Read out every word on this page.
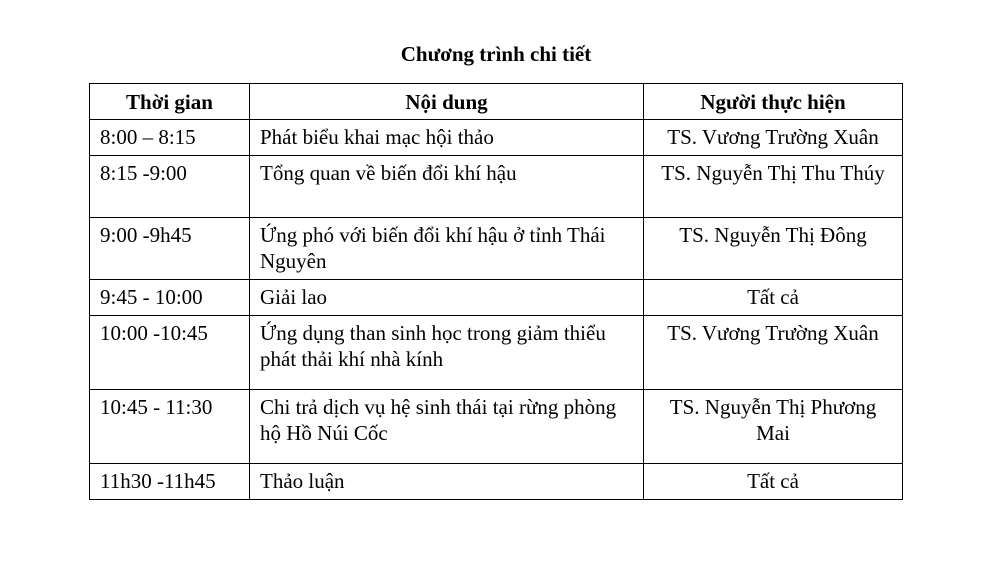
Chương trình chi tiết
Thời gian	Nội dung	Người thực hiện
8:00 – 8:15	Phát biểu khai mạc hội thảo	TS. Vương Trường Xuân
8:15 -9:00	Tổng quan về biến đổi khí hậu	TS. Nguyễn Thị Thu Thúy
9:00 -9h45	Ứng phó với biến đổi khí hậu ở tỉnh Thái Nguyên	TS. Nguyễn Thị Đông
9:45 - 10:00	Giải lao	Tất cả
10:00 -10:45	Ứng dụng than sinh học trong giảm thiểu phát thải khí nhà kính	TS. Vương Trường Xuân
10:45 - 11:30	Chi trả dịch vụ hệ sinh thái tại rừng phòng hộ Hồ Núi Cốc	TS. Nguyễn Thị Phương Mai
11h30 -11h45	Thảo luận	Tất cả
